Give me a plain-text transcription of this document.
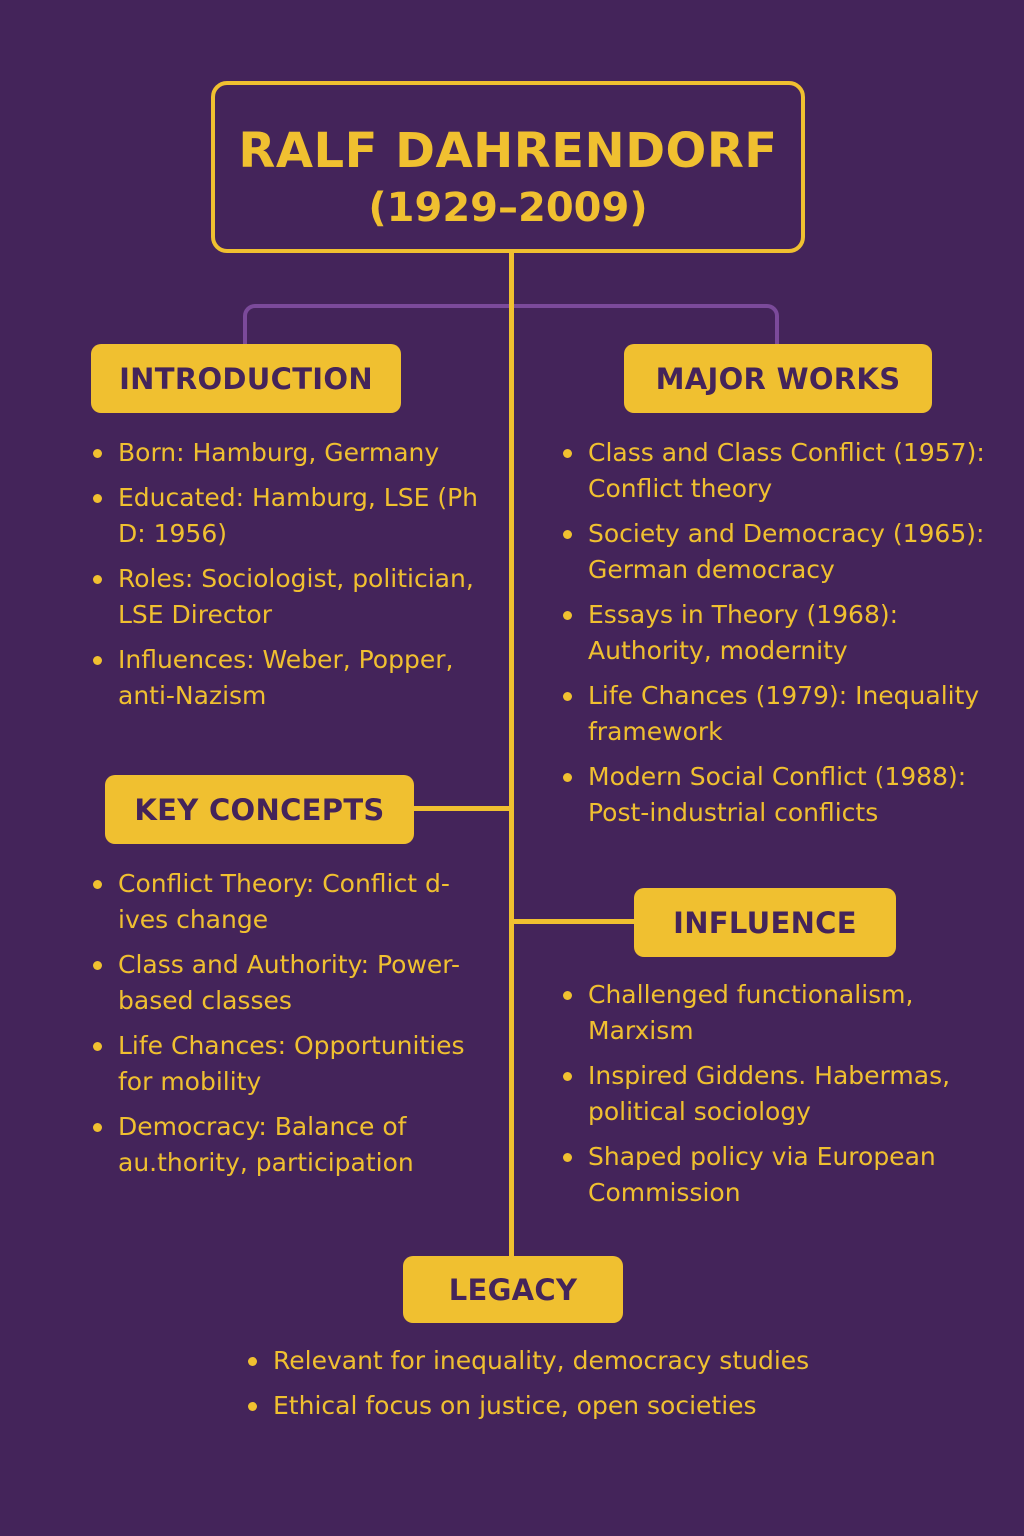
RALF DAHRENDORF
(1929–2009)
INTRODUCTION
Born: Hamburg, Germany
Educated: Hamburg, LSE (Ph D: 1956)
Roles: Sociologist, politician, LSE Director
Influences: Weber, Popper, anti-Nazism
MAJOR WORKS
Class and Class Conflict (1957): Conflict theory
Society and Democracy (1965): German democracy
Essays in Theory (1968): Authority, modernity
Life Chances (1979): Inequality framework
Modern Social Conflict (1988): Post-industrial conflicts
KEY CONCEPTS
Conflict Theory: Conflict d-ives change
Class and Authority: Power-based classes
Life Chances: Opportunities for mobility
Democracy: Balance of au.thority, participation
INFLUENCE
Challenged functionalism, Marxism
Inspired Giddens. Habermas, political sociology
Shaped policy via European Commission
LEGACY
Relevant for inequality, democracy studies
Ethical focus on justice, open societies
